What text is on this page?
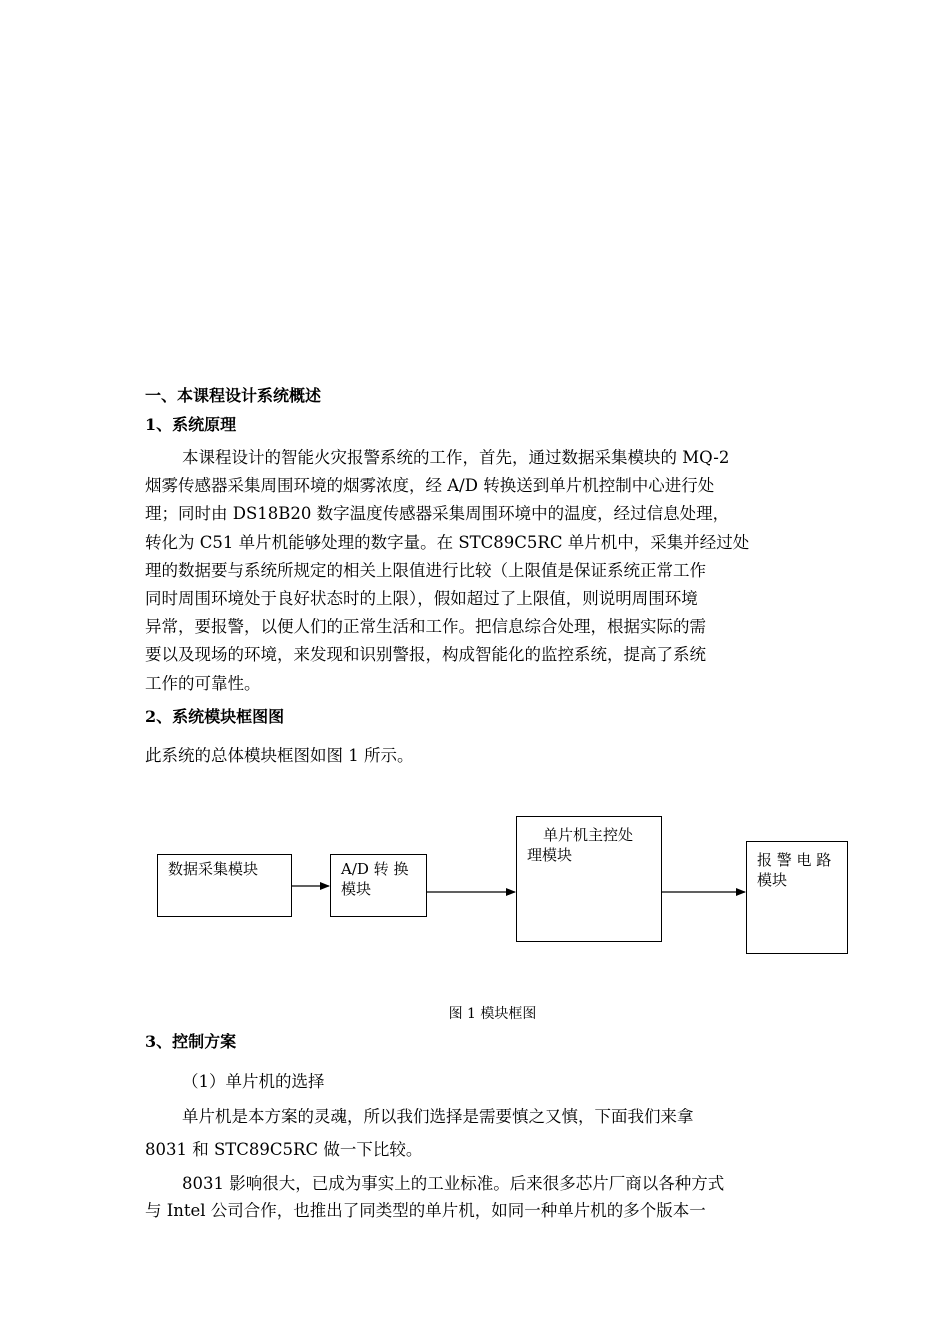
一、本课程设计系统概述
1、系统原理
本课程设计的智能火灾报警系统的工作，首先，通过数据采集模块的 MQ-2
烟雾传感器采集周围环境的烟雾浓度，经 A/D 转换送到单片机控制中心进行处
理；同时由 DS18B20 数字温度传感器采集周围环境中的温度，经过信息处理，
转化为 C51 单片机能够处理的数字量。在 STC89C5RC 单片机中，采集并经过处
理的数据要与系统所规定的相关上限值进行比较（上限值是保证系统正常工作
同时周围环境处于良好状态时的上限），假如超过了上限值，则说明周围环境
异常，要报警，以便人们的正常生活和工作。把信息综合处理，根据实际的需
要以及现场的环境，来发现和识别警报，构成智能化的监控系统，提高了系统
工作的可靠性。
2、系统模块框图图

此系统的总体模块框图如图 1 所示。

数据采集模块	A/D 转 换
模块
单片机主控处
理模块	报 警 电 路
模块
图 1 模块框图
3、控制方案

（1）单片机的选择

单片机是本方案的灵魂，所以我们选择是需要慎之又慎，下面我们来拿

8031 和 STC89C5RC 做一下比较。

8031 影响很大，已成为事实上的工业标准。后来很多芯片厂商以各种方式

与 Intel 公司合作，也推出了同类型的单片机，如同一种单片机的多个版本一
